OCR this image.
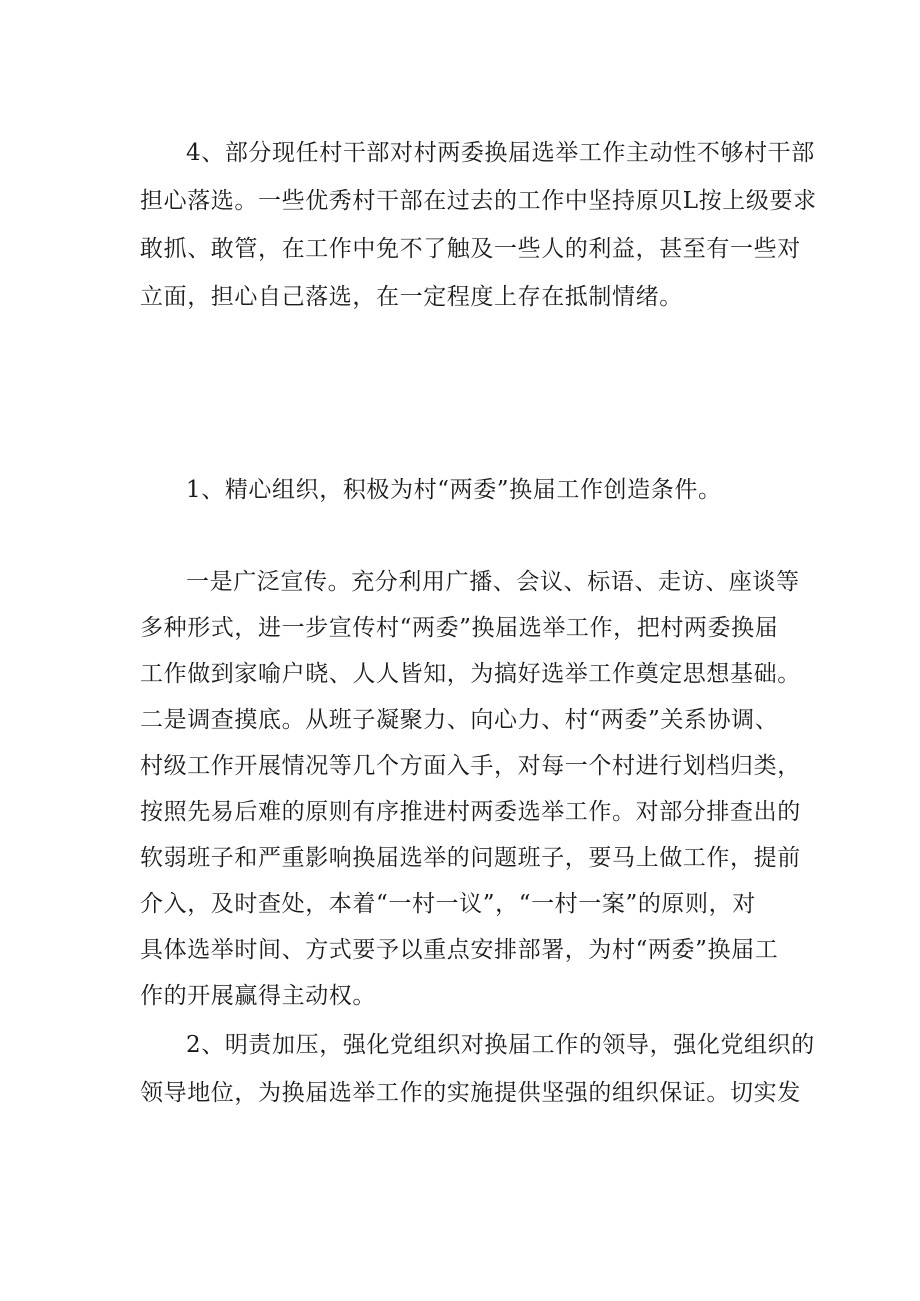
4、部分现任村干部对村两委换届选举工作主动性不够村干部
担心落选。一些优秀村干部在过去的工作中坚持原贝L按上级要求
敢抓、敢管，在工作中免不了触及一些人的利益，甚至有一些对
立面，担心自己落选，在一定程度上存在抵制情绪。
1、精心组织，积极为村“两委”换届工作创造条件。
一是广泛宣传。充分利用广播、会议、标语、走访、座谈等
多种形式，进一步宣传村“两委”换届选举工作，把村两委换届
工作做到家喻户晓、人人皆知，为搞好选举工作奠定思想基础。
二是调查摸底。从班子凝聚力、向心力、村“两委”关系协调、
村级工作开展情况等几个方面入手，对每一个村进行划档归类，
按照先易后难的原则有序推进村两委选举工作。对部分排查出的
软弱班子和严重影响换届选举的问题班子，要马上做工作，提前
介入，及时查处，本着“一村一议”，“一村一案”的原则，对
具体选举时间、方式要予以重点安排部署，为村“两委”换届工
作的开展赢得主动权。
2、明责加压，强化党组织对换届工作的领导，强化党组织的
领导地位，为换届选举工作的实施提供坚强的组织保证。切实发
